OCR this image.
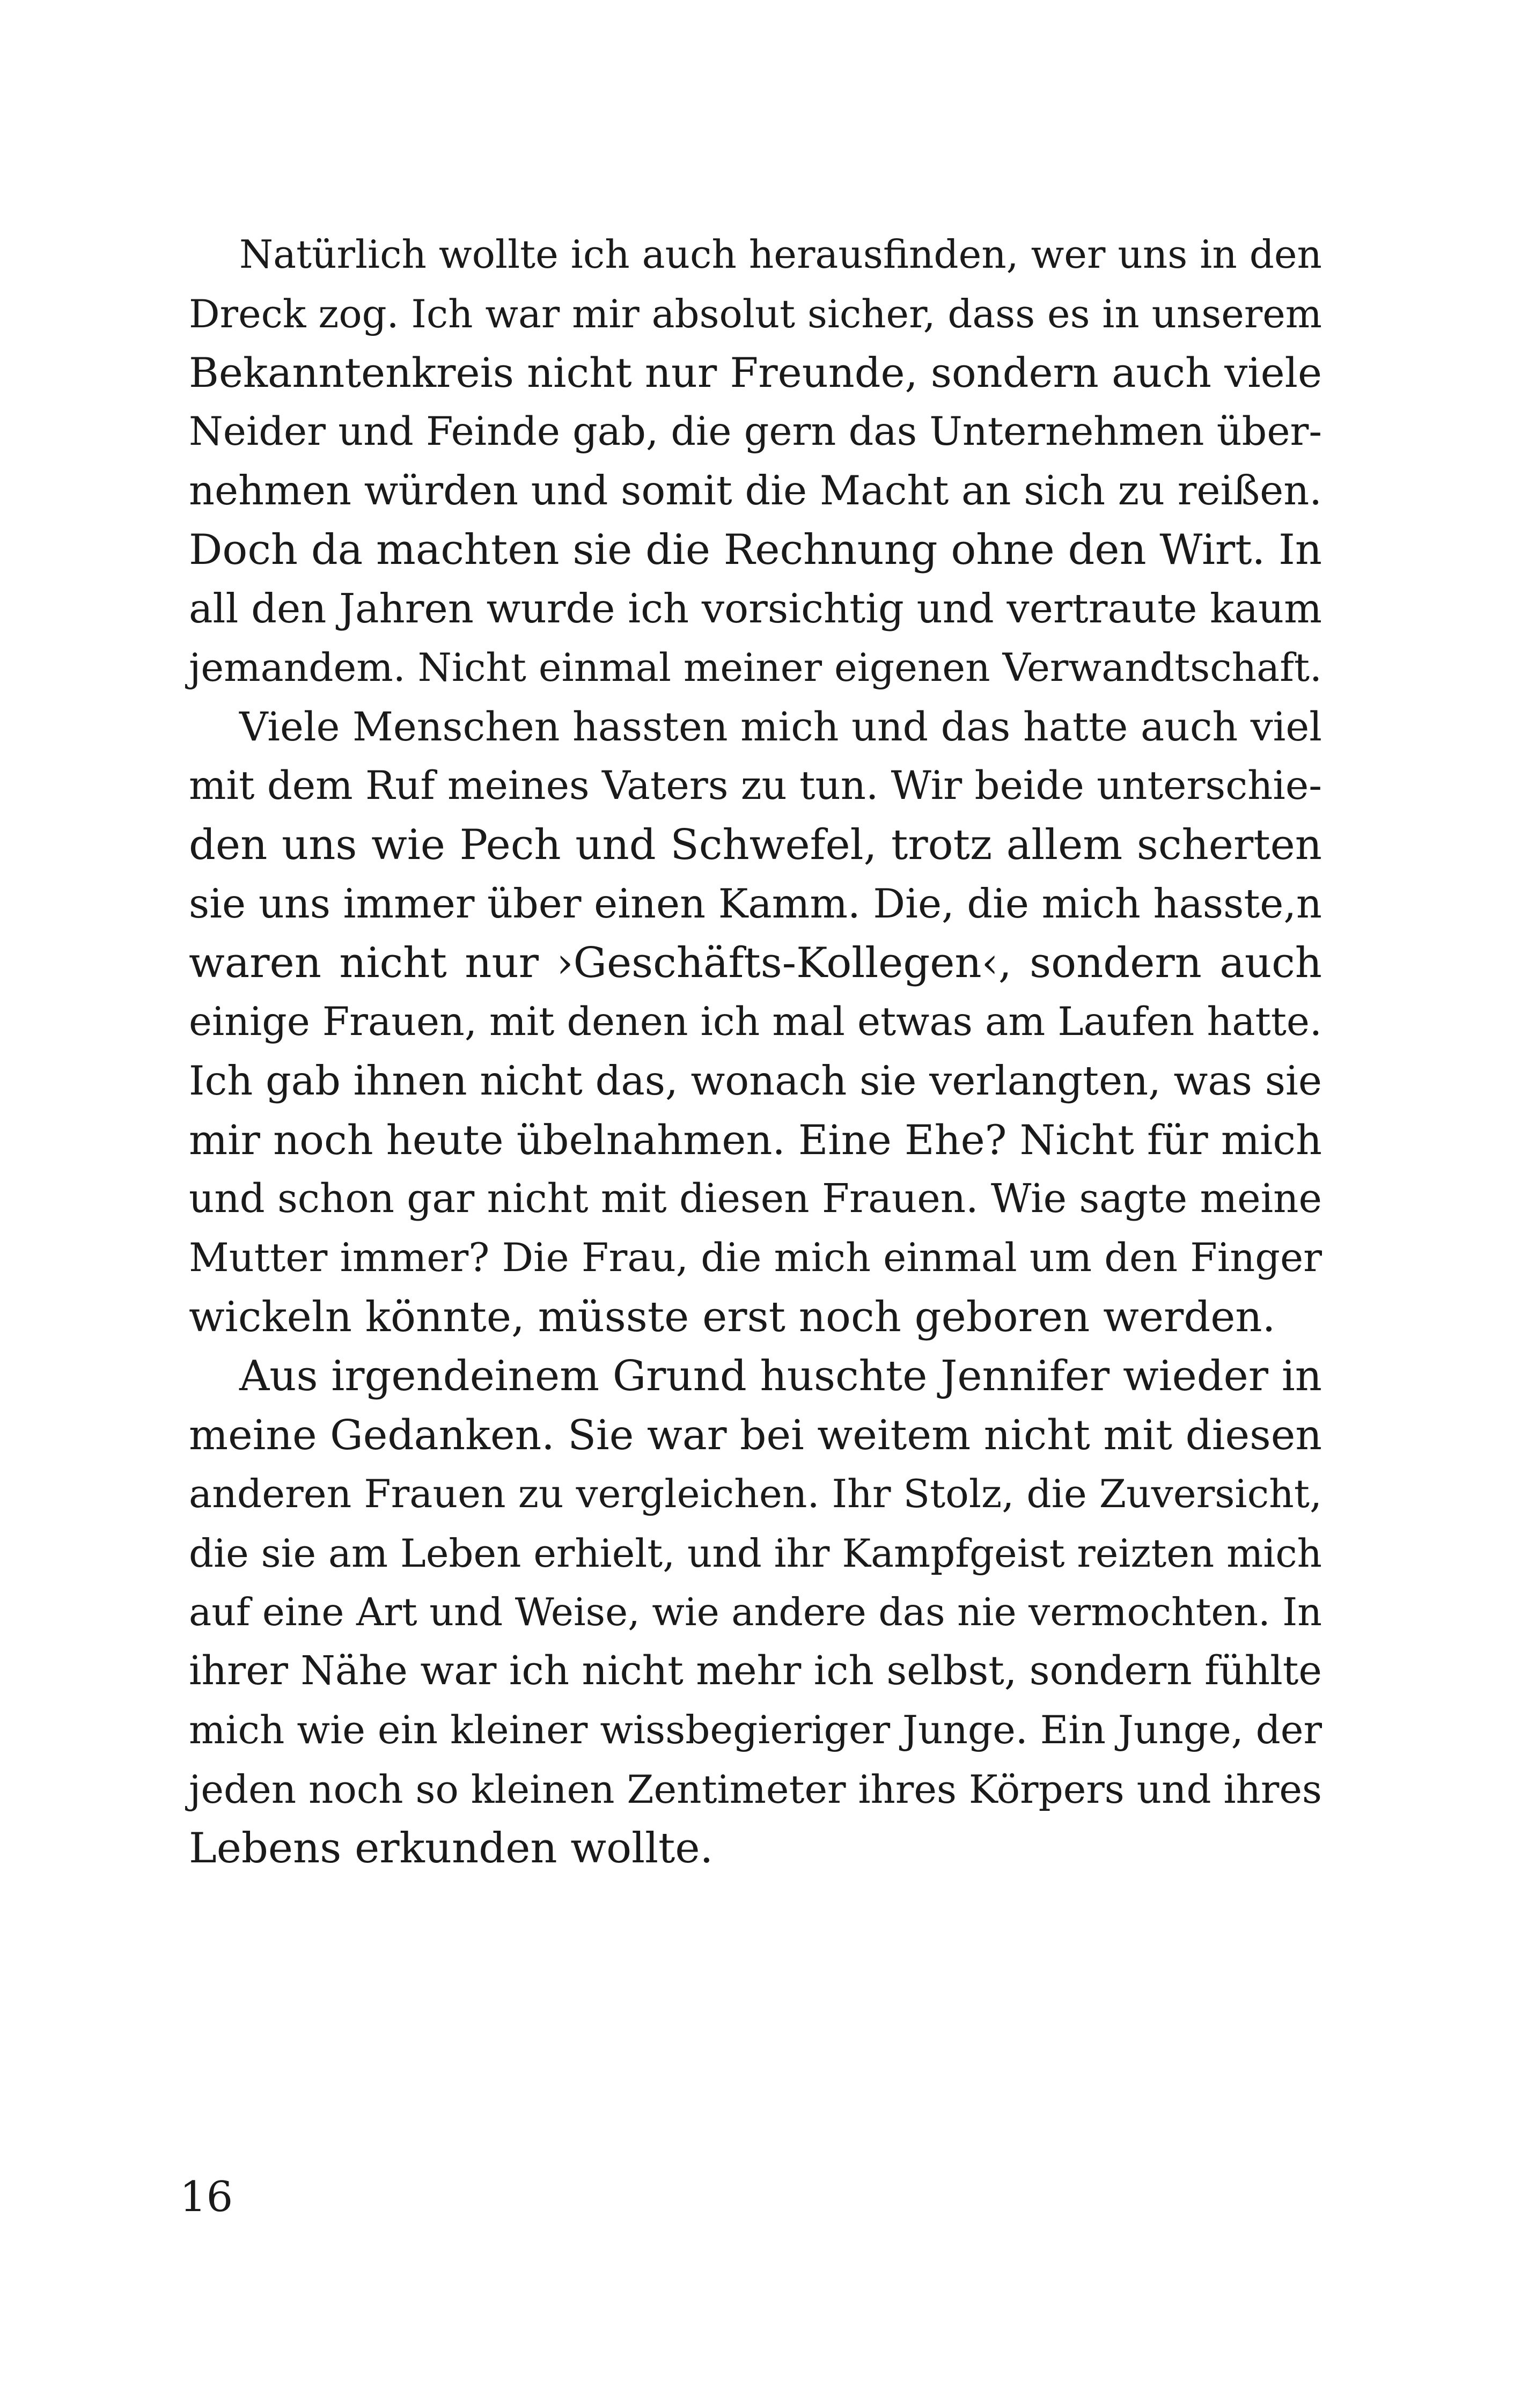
Natürlich wollte ich auch herausfinden, wer uns in den
Dreck zog. Ich war mir absolut sicher, dass es in unserem
Bekanntenkreis nicht nur Freunde, sondern auch viele
Neider und Feinde gab, die gern das Unternehmen über-
nehmen würden und somit die Macht an sich zu reißen.
Doch da machten sie die Rechnung ohne den Wirt. In
all den Jahren wurde ich vorsichtig und vertraute kaum
jemandem. Nicht einmal meiner eigenen Verwandtschaft.
Viele Menschen hassten mich und das hatte auch viel
mit dem Ruf meines Vaters zu tun. Wir beide unterschie-
den uns wie Pech und Schwefel, trotz allem scherten
sie uns immer über einen Kamm. Die, die mich hasste,n
waren nicht nur ›Geschäfts-Kollegen‹, sondern auch
einige Frauen, mit denen ich mal etwas am Laufen hatte.
Ich gab ihnen nicht das, wonach sie verlangten, was sie
mir noch heute übelnahmen. Eine Ehe? Nicht für mich
und schon gar nicht mit diesen Frauen. Wie sagte meine
Mutter immer? Die Frau, die mich einmal um den Finger
wickeln könnte, müsste erst noch geboren werden.
Aus irgendeinem Grund huschte Jennifer wieder in
meine Gedanken. Sie war bei weitem nicht mit diesen
anderen Frauen zu vergleichen. Ihr Stolz, die Zuversicht,
die sie am Leben erhielt, und ihr Kampfgeist reizten mich
auf eine Art und Weise, wie andere das nie vermochten. In
ihrer Nähe war ich nicht mehr ich selbst, sondern fühlte
mich wie ein kleiner wissbegieriger Junge. Ein Junge, der
jeden noch so kleinen Zentimeter ihres Körpers und ihres
Lebens erkunden wollte.
16
